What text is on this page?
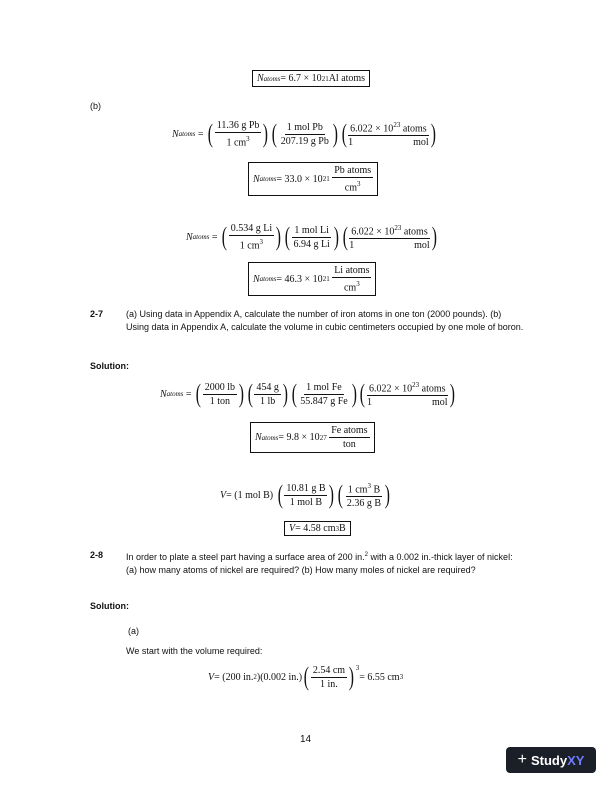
N atoms = 6.7 × 10 21 Al atoms
(b)
N atoms = ( $\frac{\text{11.36 g Pb}}{1 cm^3}$ ) ( $\frac{\text{1 mol Pb}}{\text{207.19 g Pb}}$ ) ( $6.022 \times 10^{23}$ atoms
1	mol )
N atoms = 33.0 × 10 21
$\frac{\text{Pb atoms}}{cm^3}$
N atoms = ( $\frac{\text{0.534 g Li}}{1 cm^3}$ ) ( $\frac{\text{1 mol Li}}{\text{6.94 g Li}}$ ) ( $6.022 \times 10^{23}$ atoms
1	mol )
N atoms = 46.3 × 10 21
$\frac{\text{Li atoms}}{cm^3}$
2-7	(a) Using data in Appendix A, calculate the number of iron atoms in one ton (2000 pounds). (b) Using data in Appendix A, calculate the volume in cubic centimeters occupied by one mole of boron.
Solution:
N atoms = ( $\frac{2000 lb}{\text{1 ton}}$ ) ( $\frac{454 g}{1 lb}$ ) ( $\frac{\text{1 mol Fe}}{\text{55.847 g Fe}}$ ) ( $6.022 \times 10^{23}$ atoms
1	mol )
N atoms = 9.8 × 10 27
$\frac{\text{Fe atoms}}{\text{ton}}$
V = (1 mol B)
( $\frac{\text{10.81 g B}}{\text{1 mol B}}$ ) ( $\frac{1 cm^3 B}{\text{2.36 g B}}$ )
V = 4.58 cm 3 B
2-8	In order to plate a steel part having a surface area of 200 in.$^2$ with a 0.002 in.-thick layer of nickel: (a) how many atoms of nickel are required? (b) How many moles of nickel are required?
Solution:
(a)
We start with the volume required:
V = (200 in. 2 )(0.002 in.) ( $\frac{2.54 cm}{1 in.} )^3$
= 6.55 cm 3
14
+ Study XY
